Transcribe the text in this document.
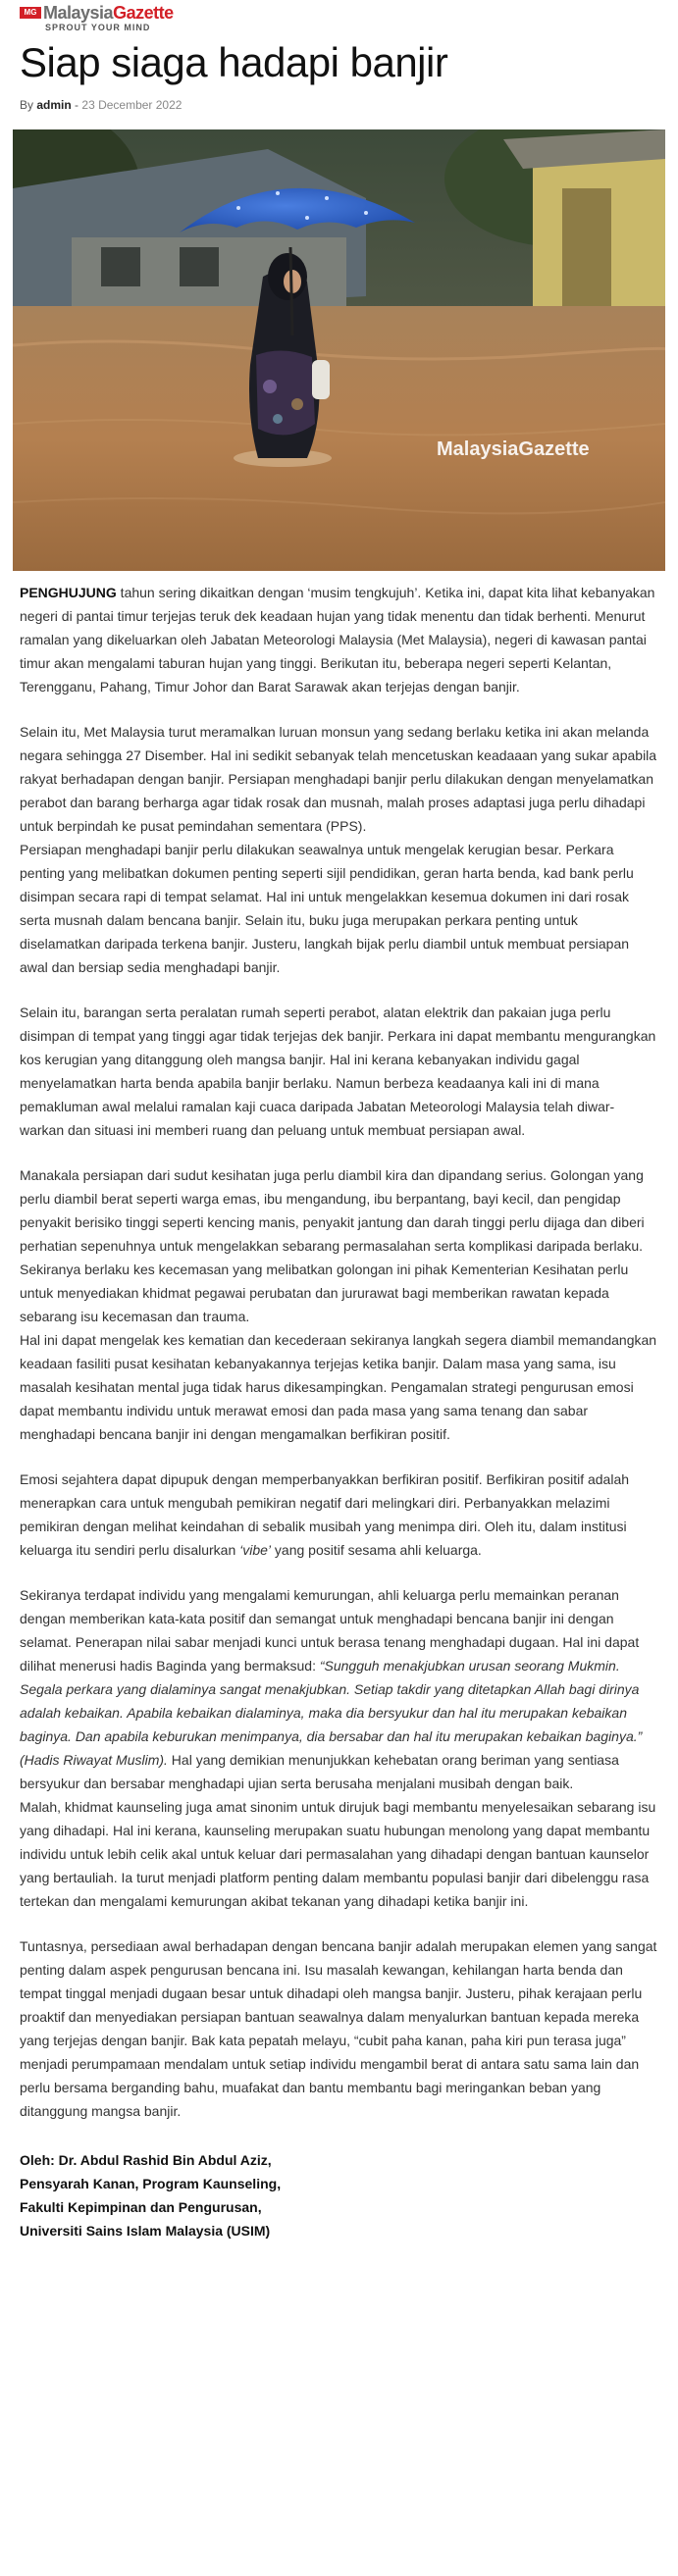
MG MalaysiaGazette
SPROUT YOUR MIND
Siap siaga hadapi banjir
By admin - 23 December 2022
MalaysiaGazette

PENGHUJUNG tahun sering dikaitkan dengan ‘musim tengkujuh’. Ketika ini, dapat kita lihat kebanyakan negeri di pantai timur terjejas teruk dek keadaan hujan yang tidak menentu dan tidak berhenti. Menurut ramalan yang dikeluarkan oleh Jabatan Meteorologi Malaysia (Met Malaysia), negeri di kawasan pantai timur akan mengalami taburan hujan yang tinggi. Berikutan itu, beberapa negeri seperti Kelantan, Terengganu, Pahang, Timur Johor dan Barat Sarawak akan terjejas dengan banjir.

Selain itu, Met Malaysia turut meramalkan luruan monsun yang sedang berlaku ketika ini akan melanda negara sehingga 27 Disember. Hal ini sedikit sebanyak telah mencetuskan keadaaan yang sukar apabila rakyat berhadapan dengan banjir. Persiapan menghadapi banjir perlu dilakukan dengan menyelamatkan perabot dan barang berharga agar tidak rosak dan musnah, malah proses adaptasi juga perlu dihadapi untuk berpindah ke pusat pemindahan sementara (PPS).

Persiapan menghadapi banjir perlu dilakukan seawalnya untuk mengelak kerugian besar. Perkara penting yang melibatkan dokumen penting seperti sijil pendidikan, geran harta benda, kad bank perlu disimpan secara rapi di tempat selamat. Hal ini untuk mengelakkan kesemua dokumen ini dari rosak serta musnah dalam bencana banjir. Selain itu, buku juga merupakan perkara penting untuk diselamatkan daripada terkena banjir. Justeru, langkah bijak perlu diambil untuk membuat persiapan awal dan bersiap sedia menghadapi banjir.

Selain itu, barangan serta peralatan rumah seperti perabot, alatan elektrik dan pakaian juga perlu disimpan di tempat yang tinggi agar tidak terjejas dek banjir. Perkara ini dapat membantu mengurangkan kos kerugian yang ditanggung oleh mangsa banjir. Hal ini kerana kebanyakan individu gagal menyelamatkan harta benda apabila banjir berlaku. Namun berbeza keadaanya kali ini di mana pemakluman awal melalui ramalan kaji cuaca daripada Jabatan Meteorologi Malaysia telah diwar-warkan dan situasi ini memberi ruang dan peluang untuk membuat persiapan awal.

Manakala persiapan dari sudut kesihatan juga perlu diambil kira dan dipandang serius. Golongan yang perlu diambil berat seperti warga emas, ibu mengandung, ibu berpantang, bayi kecil, dan pengidap penyakit berisiko tinggi seperti kencing manis, penyakit jantung dan darah tinggi perlu dijaga dan diberi perhatian sepenuhnya untuk mengelakkan sebarang permasalahan serta komplikasi daripada berlaku. Sekiranya berlaku kes kecemasan yang melibatkan golongan ini pihak Kementerian Kesihatan perlu untuk menyediakan khidmat pegawai perubatan dan jururawat bagi memberikan rawatan kepada sebarang isu kecemasan dan trauma.

Hal ini dapat mengelak kes kematian dan kecederaan sekiranya langkah segera diambil memandangkan keadaan fasiliti pusat kesihatan kebanyakannya terjejas ketika banjir. Dalam masa yang sama, isu masalah kesihatan mental juga tidak harus dikesampingkan. Pengamalan strategi pengurusan emosi dapat membantu individu untuk merawat emosi dan pada masa yang sama tenang dan sabar menghadapi bencana banjir ini dengan mengamalkan berfikiran positif.

Emosi sejahtera dapat dipupuk dengan memperbanyakkan berfikiran positif. Berfikiran positif adalah menerapkan cara untuk mengubah pemikiran negatif dari melingkari diri. Perbanyakkan melazimi pemikiran dengan melihat keindahan di sebalik musibah yang menimpa diri. Oleh itu, dalam institusi keluarga itu sendiri perlu disalurkan ‘vibe’ yang positif sesama ahli keluarga.

Sekiranya terdapat individu yang mengalami kemurungan, ahli keluarga perlu memainkan peranan dengan memberikan kata-kata positif dan semangat untuk menghadapi bencana banjir ini dengan selamat. Penerapan nilai sabar menjadi kunci untuk berasa tenang menghadapi dugaan. Hal ini dapat dilihat menerusi hadis Baginda yang bermaksud: “Sungguh menakjubkan urusan seorang Mukmin. Segala perkara yang dialaminya sangat menakjubkan. Setiap takdir yang ditetapkan Allah bagi dirinya adalah kebaikan. Apabila kebaikan dialaminya, maka dia bersyukur dan hal itu merupakan kebaikan baginya. Dan apabila keburukan menimpanya, dia bersabar dan hal itu merupakan kebaikan baginya.” (Hadis Riwayat Muslim). Hal yang demikian menunjukkan kehebatan orang beriman yang sentiasa bersyukur dan bersabar menghadapi ujian serta berusaha menjalani musibah dengan baik.

Malah, khidmat kaunseling juga amat sinonim untuk dirujuk bagi membantu menyelesaikan sebarang isu yang dihadapi. Hal ini kerana, kaunseling merupakan suatu hubungan menolong yang dapat membantu individu untuk lebih celik akal untuk keluar dari permasalahan yang dihadapi dengan bantuan kaunselor yang bertauliah. Ia turut menjadi platform penting dalam membantu populasi banjir dari dibelenggu rasa tertekan dan mengalami kemurungan akibat tekanan yang dihadapi ketika banjir ini.

Tuntasnya, persediaan awal berhadapan dengan bencana banjir adalah merupakan elemen yang sangat penting dalam aspek pengurusan bencana ini. Isu masalah kewangan, kehilangan harta benda dan tempat tinggal menjadi dugaan besar untuk dihadapi oleh mangsa banjir. Justeru, pihak kerajaan perlu proaktif dan menyediakan persiapan bantuan seawalnya dalam menyalurkan bantuan kepada mereka yang terjejas dengan banjir. Bak kata pepatah melayu, “cubit paha kanan, paha kiri pun terasa juga” menjadi perumpamaan mendalam untuk setiap individu mengambil berat di antara satu sama lain dan perlu bersama berganding bahu, muafakat dan bantu membantu bagi meringankan beban yang ditanggung mangsa banjir.

Oleh: Dr. Abdul Rashid Bin Abdul Aziz,
Pensyarah Kanan, Program Kaunseling,
Fakulti Kepimpinan dan Pengurusan,
Universiti Sains Islam Malaysia (USIM)
